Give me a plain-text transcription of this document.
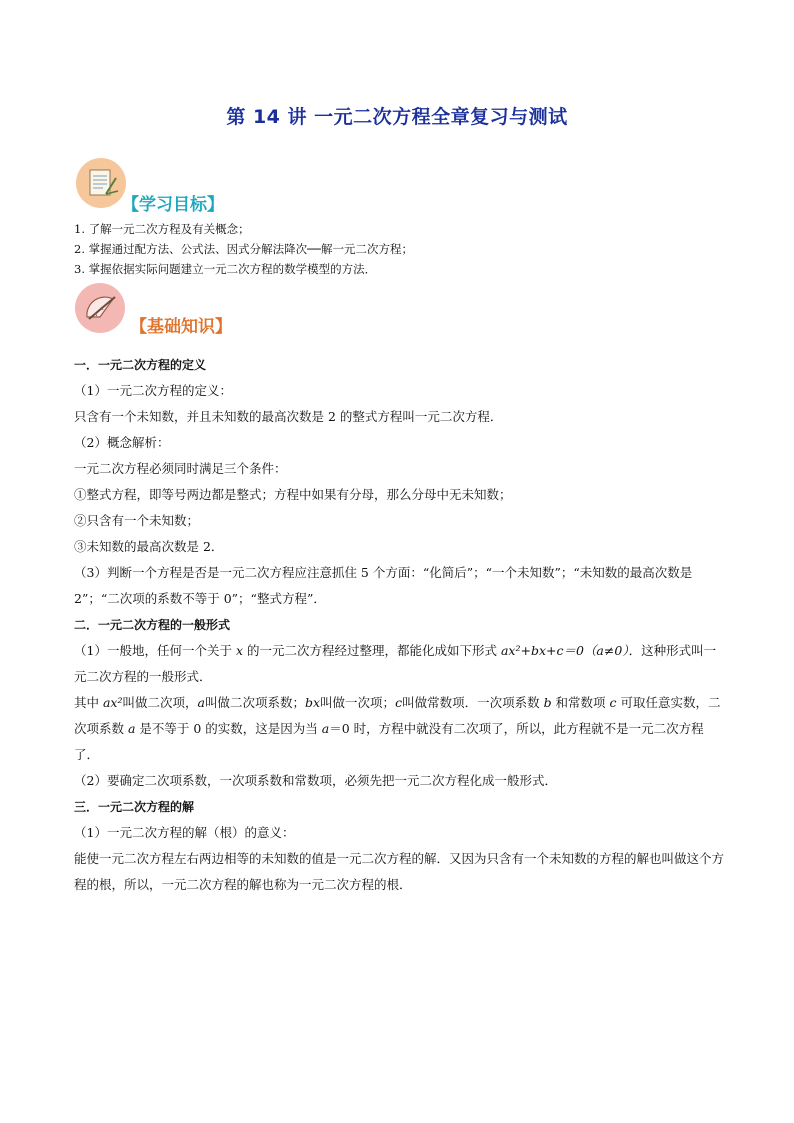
第 14 讲 一元二次方程全章复习与测试
【学习目标】
1. 了解一元二次方程及有关概念；
2. 掌握通过配方法、公式法、因式分解法降次──解一元二次方程；
3. 掌握依据实际问题建立一元二次方程的数学模型的方法．
【基础知识】

一．一元二次方程的定义

（1）一元二次方程的定义：

只含有一个未知数，并且未知数的最高次数是 2 的整式方程叫一元二次方程．

（2）概念解析：

一元二次方程必须同时满足三个条件：

①整式方程，即等号两边都是整式；方程中如果有分母，那么分母中无未知数；

②只含有一个未知数；

③未知数的最高次数是 2．

（3）判断一个方程是否是一元二次方程应注意抓住 5 个方面：“化简后”；“一个未知数”；“未知数的最高次数是 2”；“二次项的系数不等于 0”；“整式方程”．

二．一元二次方程的一般形式

（1）一般地，任何一个关于 x 的一元二次方程经过整理，都能化成如下形式 ax²+bx+c＝0（a≠0）．这种形式叫一元二次方程的一般形式．

其中 ax²叫做二次项，a叫做二次项系数；bx叫做一次项；c叫做常数项．一次项系数 b 和常数项 c 可取任意实数，二次项系数 a 是不等于 0 的实数，这是因为当 a＝0 时，方程中就没有二次项了，所以，此方程就不是一元二次方程了．

（2）要确定二次项系数，一次项系数和常数项，必须先把一元二次方程化成一般形式．

三．一元二次方程的解

（1）一元二次方程的解（根）的意义：

能使一元二次方程左右两边相等的未知数的值是一元二次方程的解．又因为只含有一个未知数的方程的解也叫做这个方程的根，所以，一元二次方程的解也称为一元二次方程的根．
